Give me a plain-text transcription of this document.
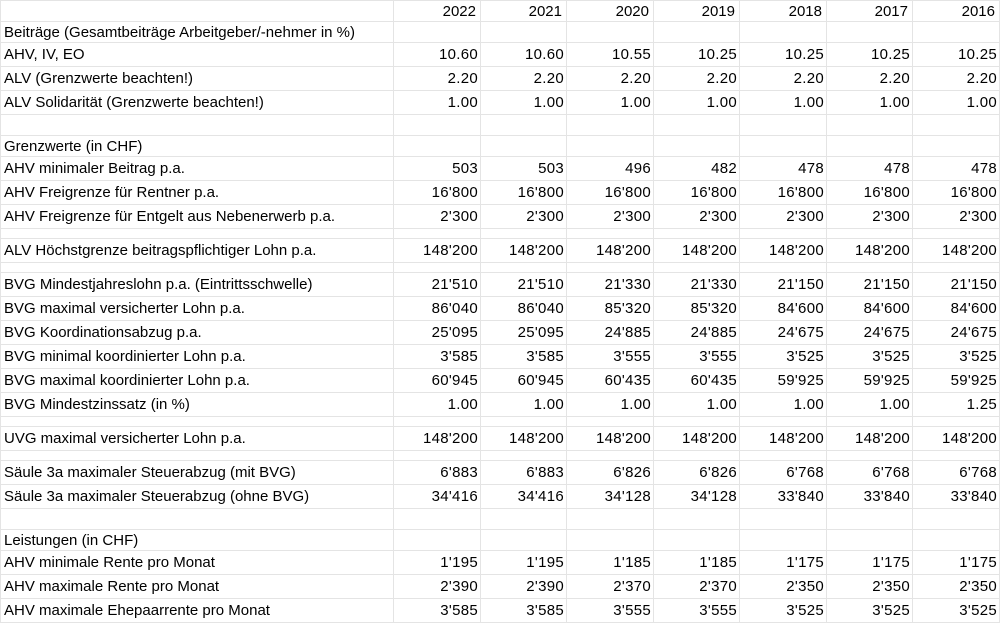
	2022	2021	2020	2019	2018	2017	2016
Beiträge (Gesamtbeiträge Arbeitgeber/-nehmer in %)							
AHV, IV, EO	10.60	10.60	10.55	10.25	10.25	10.25	10.25
ALV (Grenzwerte beachten!)	2.20	2.20	2.20	2.20	2.20	2.20	2.20
ALV Solidarität (Grenzwerte beachten!)	1.00	1.00	1.00	1.00	1.00	1.00	1.00

Grenzwerte (in CHF)							
AHV minimaler Beitrag p.a.	503	503	496	482	478	478	478
AHV Freigrenze für Rentner p.a.	16'800	16'800	16'800	16'800	16'800	16'800	16'800
AHV Freigrenze für Entgelt aus Nebenerwerb p.a.	2'300	2'300	2'300	2'300	2'300	2'300	2'300

ALV Höchstgrenze beitragspflichtiger Lohn p.a.	148'200	148'200	148'200	148'200	148'200	148'200	148'200

BVG Mindestjahreslohn p.a. (Eintrittsschwelle)	21'510	21'510	21'330	21'330	21'150	21'150	21'150
BVG maximal versicherter Lohn p.a.	86'040	86'040	85'320	85'320	84'600	84'600	84'600
BVG Koordinationsabzug p.a.	25'095	25'095	24'885	24'885	24'675	24'675	24'675
BVG minimal koordinierter Lohn p.a.	3'585	3'585	3'555	3'555	3'525	3'525	3'525
BVG maximal koordinierter Lohn p.a.	60'945	60'945	60'435	60'435	59'925	59'925	59'925
BVG Mindestzinssatz (in %)	1.00	1.00	1.00	1.00	1.00	1.00	1.25

UVG maximal versicherter Lohn p.a.	148'200	148'200	148'200	148'200	148'200	148'200	148'200

Säule 3a maximaler Steuerabzug (mit BVG)	6'883	6'883	6'826	6'826	6'768	6'768	6'768
Säule 3a maximaler Steuerabzug (ohne BVG)	34'416	34'416	34'128	34'128	33'840	33'840	33'840

Leistungen (in CHF)							
AHV minimale Rente pro Monat	1'195	1'195	1'185	1'185	1'175	1'175	1'175
AHV maximale Rente pro Monat	2'390	2'390	2'370	2'370	2'350	2'350	2'350
AHV maximale Ehepaarrente pro Monat	3'585	3'585	3'555	3'555	3'525	3'525	3'525
